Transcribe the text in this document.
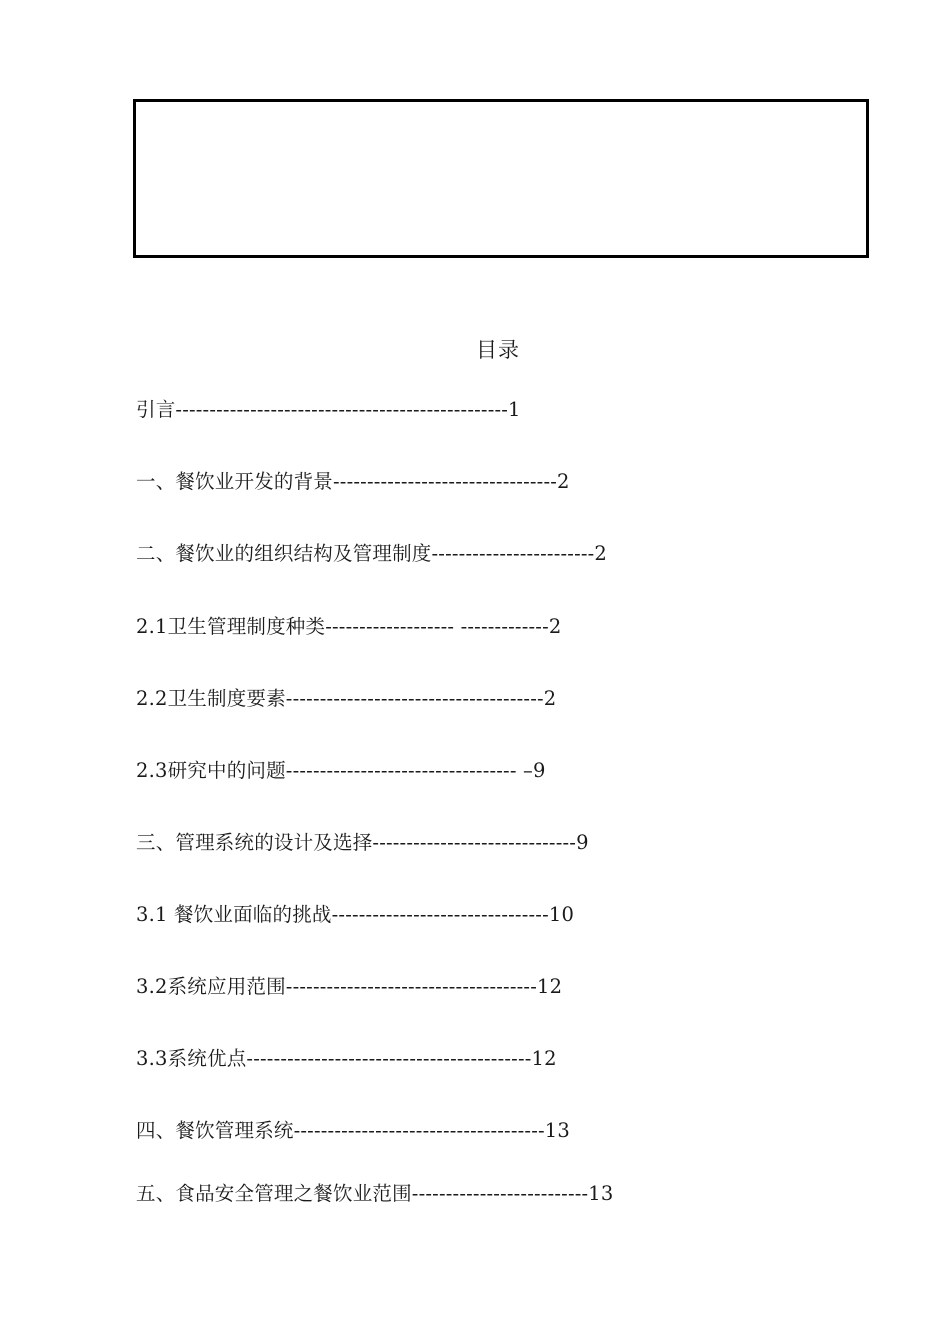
目录
引言-------------------------------------------------1
一、餐饮业开发的背景---------------------------------2
二、餐饮业的组织结构及管理制度------------------------2
2.1卫生管理制度种类------------------- -------------2
2.2卫生制度要素--------------------------------------2
2.3研究中的问题---------------------------------- –9
三、管理系统的设计及选择------------------------------9
3.1 餐饮业面临的挑战--------------------------------10
3.2系统应用范围-------------------------------------12
3.3系统优点------------------------------------------12
四、餐饮管理系统-------------------------------------13
五、食品安全管理之餐饮业范围--------------------------13
